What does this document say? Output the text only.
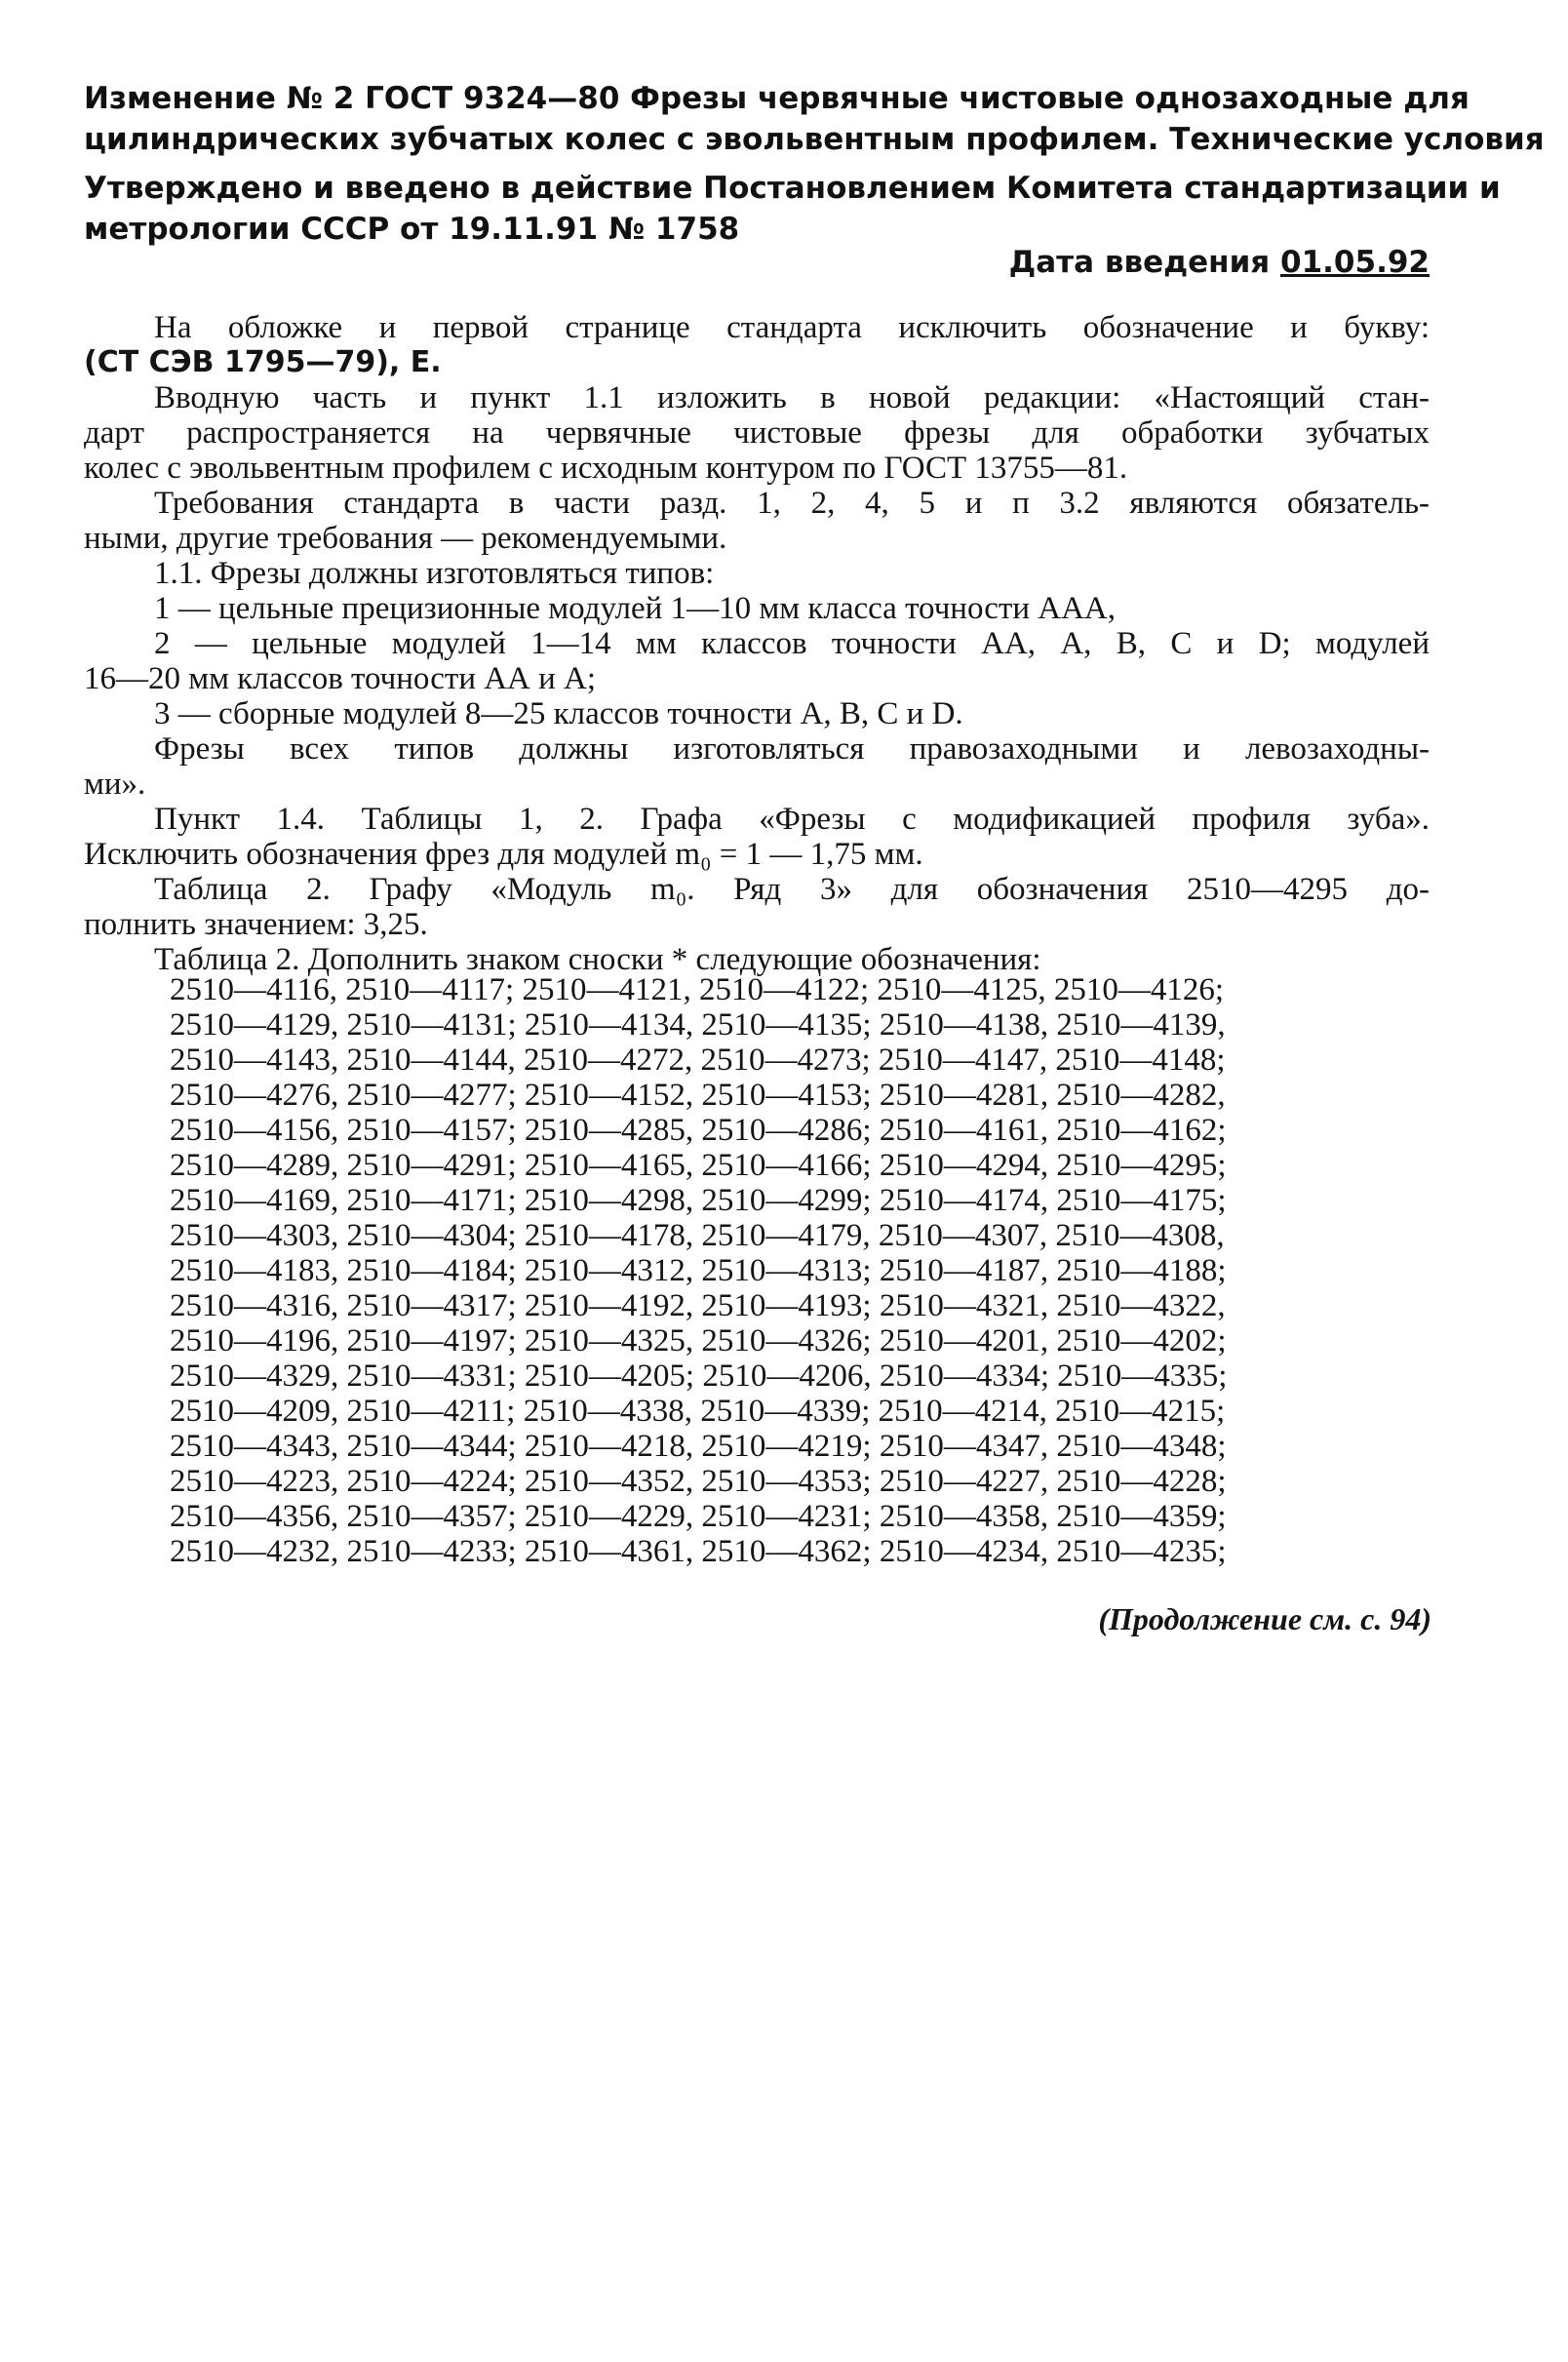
Изменение № 2 ГОСТ 9324—80 Фрезы червячные чистовые однозаходные для
цилиндрических зубчатых колес с эвольвентным профилем. Технические условия
Утверждено и введено в действие Постановлением Комитета стандартизации и
метрологии СССР от 19.11.91 № 1758
Дата введения 01.05.92
На обложке и первой странице стандарта исключить обозначение и букву:
(СТ СЭВ 1795—79), Е.
Вводную часть и пункт 1.1 изложить в новой редакции: «Настоящий стан-
дарт распространяется на червячные чистовые фрезы для обработки зубчатых
колес с эвольвентным профилем с исходным контуром по ГОСТ 13755—81.
Требования стандарта в части разд. 1, 2, 4, 5 и п 3.2 являются обязатель-
ными, другие требования — рекомендуемыми.
1.1. Фрезы должны изготовляться типов:
1 — цельные прецизионные модулей 1—10 мм класса точности ААА,
2 — цельные модулей 1—14 мм классов точности АА, А, В, С и D; модулей
16—20 мм классов точности АА и А;
3 — сборные модулей 8—25 классов точности А, В, С и D.
Фрезы всех типов должны изготовляться правозаходными и левозаходны-
ми».
Пункт 1.4. Таблицы 1, 2. Графа «Фрезы с модификацией профиля зуба».
Исключить обозначения фрез для модулей m₀ = 1 — 1,75 мм.
Таблица 2. Графу «Модуль m₀. Ряд 3» для обозначения 2510—4295 до-
полнить значением: 3,25.
Таблица 2. Дополнить знаком сноски * следующие обозначения:
2510—4116, 2510—4117; 2510—4121, 2510—4122; 2510—4125, 2510—4126;
2510—4129, 2510—4131; 2510—4134, 2510—4135; 2510—4138, 2510—4139,
2510—4143, 2510—4144, 2510—4272, 2510—4273; 2510—4147, 2510—4148;
2510—4276, 2510—4277; 2510—4152, 2510—4153; 2510—4281, 2510—4282,
2510—4156, 2510—4157; 2510—4285, 2510—4286; 2510—4161, 2510—4162;
2510—4289, 2510—4291; 2510—4165, 2510—4166; 2510—4294, 2510—4295;
2510—4169, 2510—4171; 2510—4298, 2510—4299; 2510—4174, 2510—4175;
2510—4303, 2510—4304; 2510—4178, 2510—4179, 2510—4307, 2510—4308,
2510—4183, 2510—4184; 2510—4312, 2510—4313; 2510—4187, 2510—4188;
2510—4316, 2510—4317; 2510—4192, 2510—4193; 2510—4321, 2510—4322,
2510—4196, 2510—4197; 2510—4325, 2510—4326; 2510—4201, 2510—4202;
2510—4329, 2510—4331; 2510—4205; 2510—4206, 2510—4334; 2510—4335;
2510—4209, 2510—4211; 2510—4338, 2510—4339; 2510—4214, 2510—4215;
2510—4343, 2510—4344; 2510—4218, 2510—4219; 2510—4347, 2510—4348;
2510—4223, 2510—4224; 2510—4352, 2510—4353; 2510—4227, 2510—4228;
2510—4356, 2510—4357; 2510—4229, 2510—4231; 2510—4358, 2510—4359;
2510—4232, 2510—4233; 2510—4361, 2510—4362; 2510—4234, 2510—4235;
(Продолжение см. с. 94)
